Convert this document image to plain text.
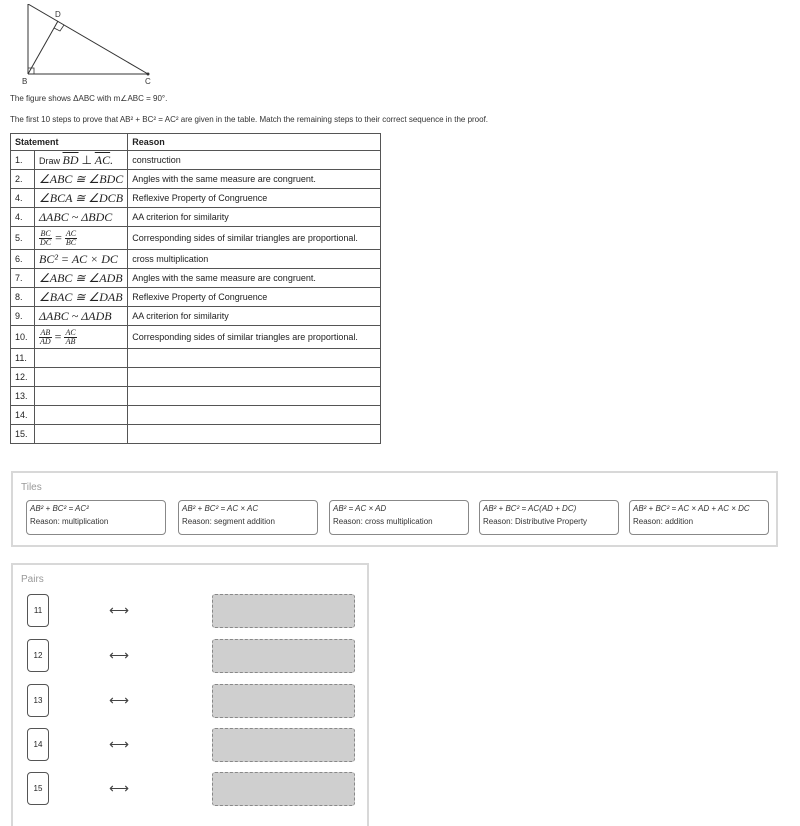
D
B	C
The figure shows ΔABC with m∠ABC = 90°.
The first 10 steps to prove that AB² + BC² = AC² are given in the table. Match the remaining steps to their correct sequence in the proof.
Statement		Reason
1.	Draw $\overline{BD}$ ⊥ $\overline{AC}$.	construction
2.	∠ABC ≅ ∠BDC	Angles with the same measure are congruent.
4.	∠BCA ≅ ∠DCB	Reflexive Property of Congruence
4.	ΔABC ~ ΔBDC	AA criterion for similarity
5.	$\frac{BC}{DC} = \frac{AC}{BC}$	Corresponding sides of similar triangles are proportional.
6.	BC² = AC × DC	cross multiplication
7.	∠ABC ≅ ∠ADB	Angles with the same measure are congruent.
8.	∠BAC ≅ ∠DAB	Reflexive Property of Congruence
9.	ΔABC ~ ΔADB	AA criterion for similarity
10.	$\frac{AB}{AD} = \frac{AC}{AB}$	Corresponding sides of similar triangles are proportional.
11.		
12.		
13.		
14.		
15.		
Tiles
AB² + BC² = AC²
Reason: multiplication
AB² + BC² = AC × AC
Reason: segment addition
AB² = AC × AD
Reason: cross multiplication
AB² + BC² = AC(AD + DC)
Reason: Distributive Property
AB² + BC² = AC × AD + AC × DC
Reason: addition
Pairs
11	⟷
12	⟷
13	⟷
14	⟷
15	⟷
